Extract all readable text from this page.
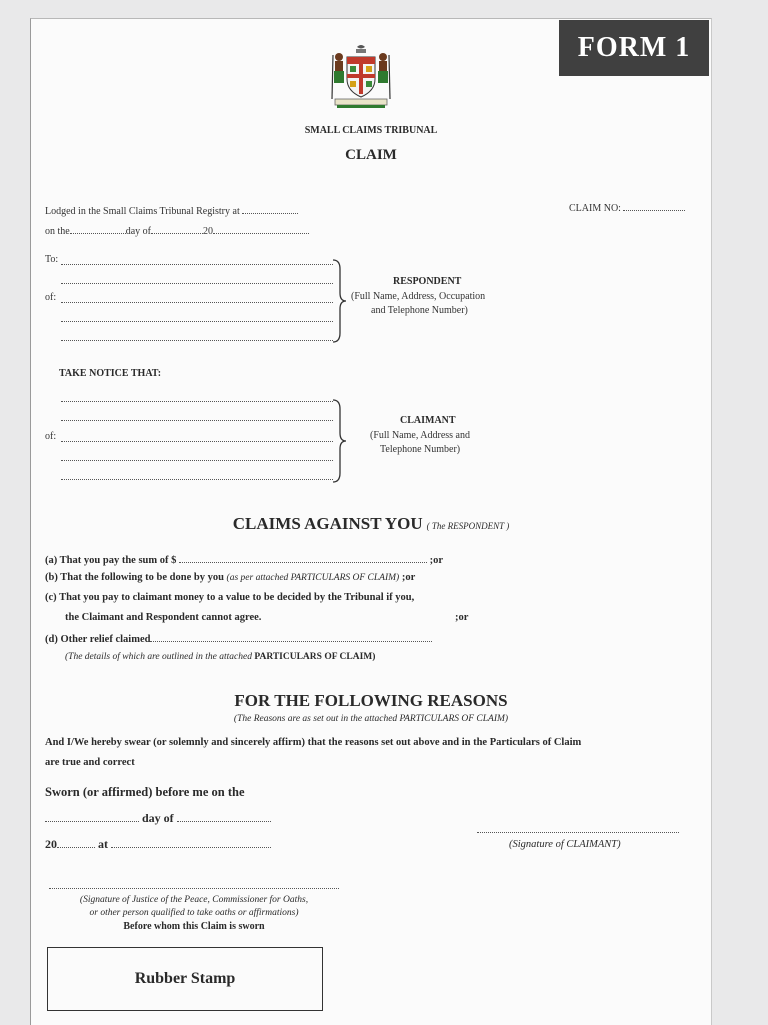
FORM 1
SMALL CLAIMS TRIBUNAL
CLAIM
Lodged in the Small Claims Tribunal Registry at	CLAIM NO:
on the	day of	20
To:
of:
RESPONDENT
(Full Name, Address, Occupation
and Telephone Number)
TAKE NOTICE THAT:
of:
CLAIMANT
(Full Name, Address and
Telephone Number)
CLAIMS AGAINST YOU ( The RESPONDENT )
(a) That you pay the sum of $	;or
(b) That the following to be done by you (as per attached PARTICULARS OF CLAIM) ;or
(c) That you pay to claimant money to a value to be decided by the Tribunal if you,
the Claimant and Respondent cannot agree.	;or
(d) Other relief claimed
(The details of which are outlined in the attached PARTICULARS OF CLAIM)
FOR THE FOLLOWING REASONS
(The Reasons are as set out in the attached PARTICULARS OF CLAIM)
And I/We hereby swear (or solemnly and sincerely affirm) that the reasons set out above and in the Particulars of Claim
are true and correct
Sworn (or affirmed) before me on the
day of
20	at	(Signature of CLAIMANT)
(Signature of Justice of the Peace, Commissioner for Oaths,
or other person qualified to take oaths or affirmations)
Before whom this Claim is sworn
Rubber Stamp
